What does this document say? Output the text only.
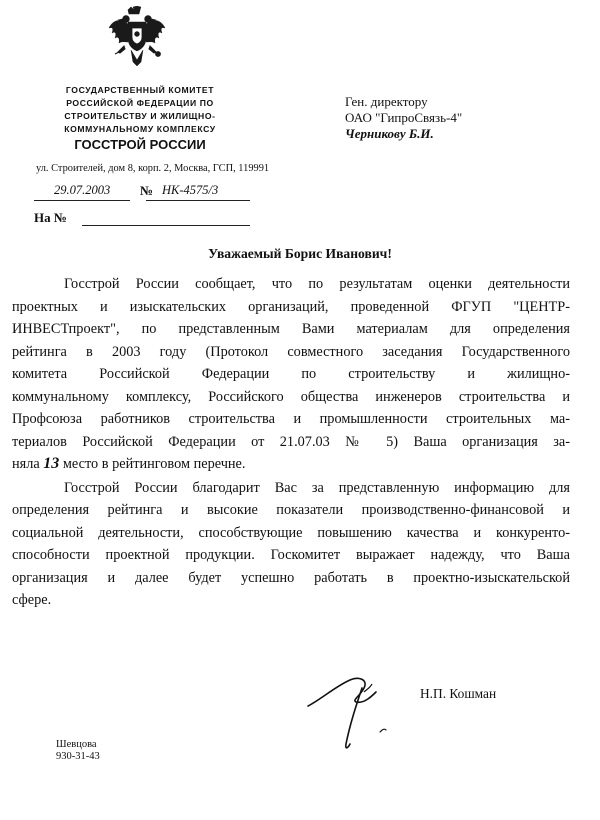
ГОСУДАРСТВЕННЫЙ КОМИТЕТ
РОССИЙСКОЙ ФЕДЕРАЦИИ ПО
СТРОИТЕЛЬСТВУ И ЖИЛИЩНО-
КОММУНАЛЬНОМУ КОМПЛЕКСУ
ГОССТРОЙ РОССИИ
ул. Строителей, дом 8, корп. 2, Москва, ГСП, 119991
29.07.2003 № НК-4575/3
На №
Ген. директору
ОАО "ГипроСвязь-4"
Черникову Б.И.
Уважаемый Борис Иванович!

Госстрой России сообщает, что по результатам оценки деятельности
проектных и изыскательских организаций, проведенной ФГУП "ЦЕНТР-
ИНВЕСТпроект", по представленным Вами материалам для определения
рейтинга в 2003 году (Протокол совместного заседания Государственного
комитета Российской Федерации по строительству и жилищно-
коммунальному комплексу, Российского общества инженеров строительства и
Профсоюза работников строительства и промышленности строительных ма-
териалов Российской Федерации от 21.07.03 № 5) Ваша организация за-
няла 13 место в рейтинговом перечне.

Госстрой России благодарит Вас за представленную информацию для
определения рейтинга и высокие показатели производственно-финансовой и
социальной деятельности, способствующие повышению качества и конкуренто-
способности проектной продукции. Госкомитет выражает надежду, что Ваша
организация и далее будет успешно работать в проектно-изыскательской
сфере.

Н.П. Кошман
Шевцова
930-31-43
